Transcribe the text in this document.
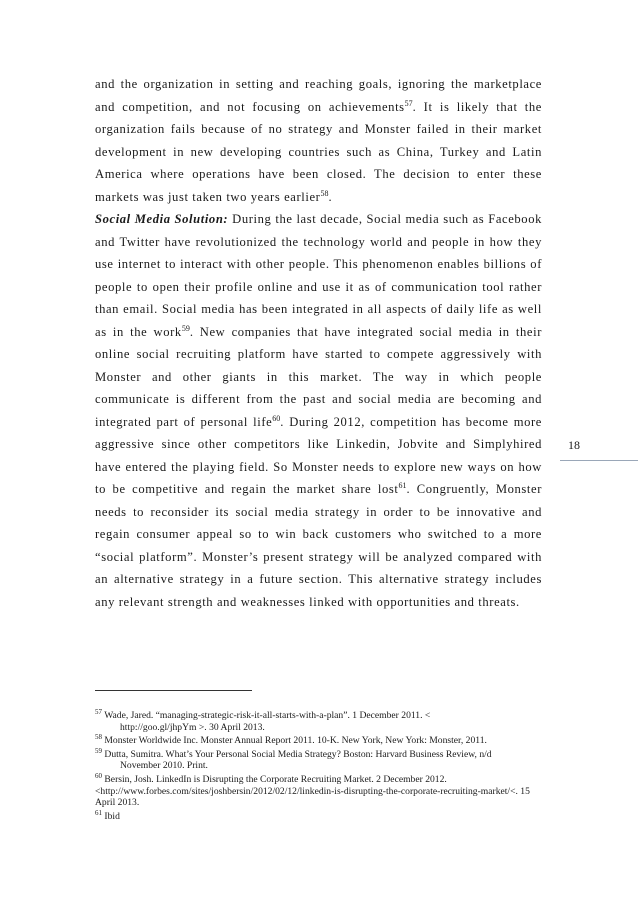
18

and the organization in setting and reaching goals, ignoring the marketplace and competition, and not focusing on achievements$^{57}$. It is likely that the organization fails because of no strategy and Monster failed in their market development in new developing countries such as China, Turkey and Latin America where operations have been closed. The decision to enter these markets was just taken two years earlier$^{58}$.
Social Media Solution: During the last decade, Social media such as Facebook and Twitter have revolutionized the technology world and people in how they use internet to interact with other people. This phenomenon enables billions of people to open their profile online and use it as of communication tool rather than email. Social media has been integrated in all aspects of daily life as well as in the work$^{59}$. New companies that have integrated social media in their online social recruiting platform have started to compete aggressively with Monster and other giants in this market. The way in which people communicate is different from the past and social media are becoming and integrated part of personal life$^{60}$. During 2012, competition has become more aggressive since other competitors like Linkedin, Jobvite and Simplyhired have entered the playing field. So Monster needs to explore new ways on how to be competitive and regain the market share lost$^{61}$. Congruently, Monster needs to reconsider its social media strategy in order to be innovative and regain consumer appeal so to win back customers who switched to a more “social platform”. Monster’s present strategy will be analyzed compared with an alternative strategy in a future section. This alternative strategy includes any relevant strength and weaknesses linked with opportunities and threats.

$^{57}$ Wade, Jared. “managing-strategic-risk-it-all-starts-with-a-plan”. 1 December 2011. <
http://goo.gl/jhpYm >. 30 April 2013.

$^{58}$ Monster Worldwide Inc. Monster Annual Report 2011. 10-K. New York, New York: Monster, 2011.

$^{59}$ Dutta, Sumitra. What’s Your Personal Social Media Strategy? Boston: Harvard Business Review, n/d
November 2010. Print.

$^{60}$ Bersin, Josh. LinkedIn is Disrupting the Corporate Recruiting Market. 2 December 2012.
<http://www.forbes.com/sites/joshbersin/2012/02/12/linkedin-is-disrupting-the-corporate-recruiting-market/<. 15 April 2013.

$^{61}$ Ibid
